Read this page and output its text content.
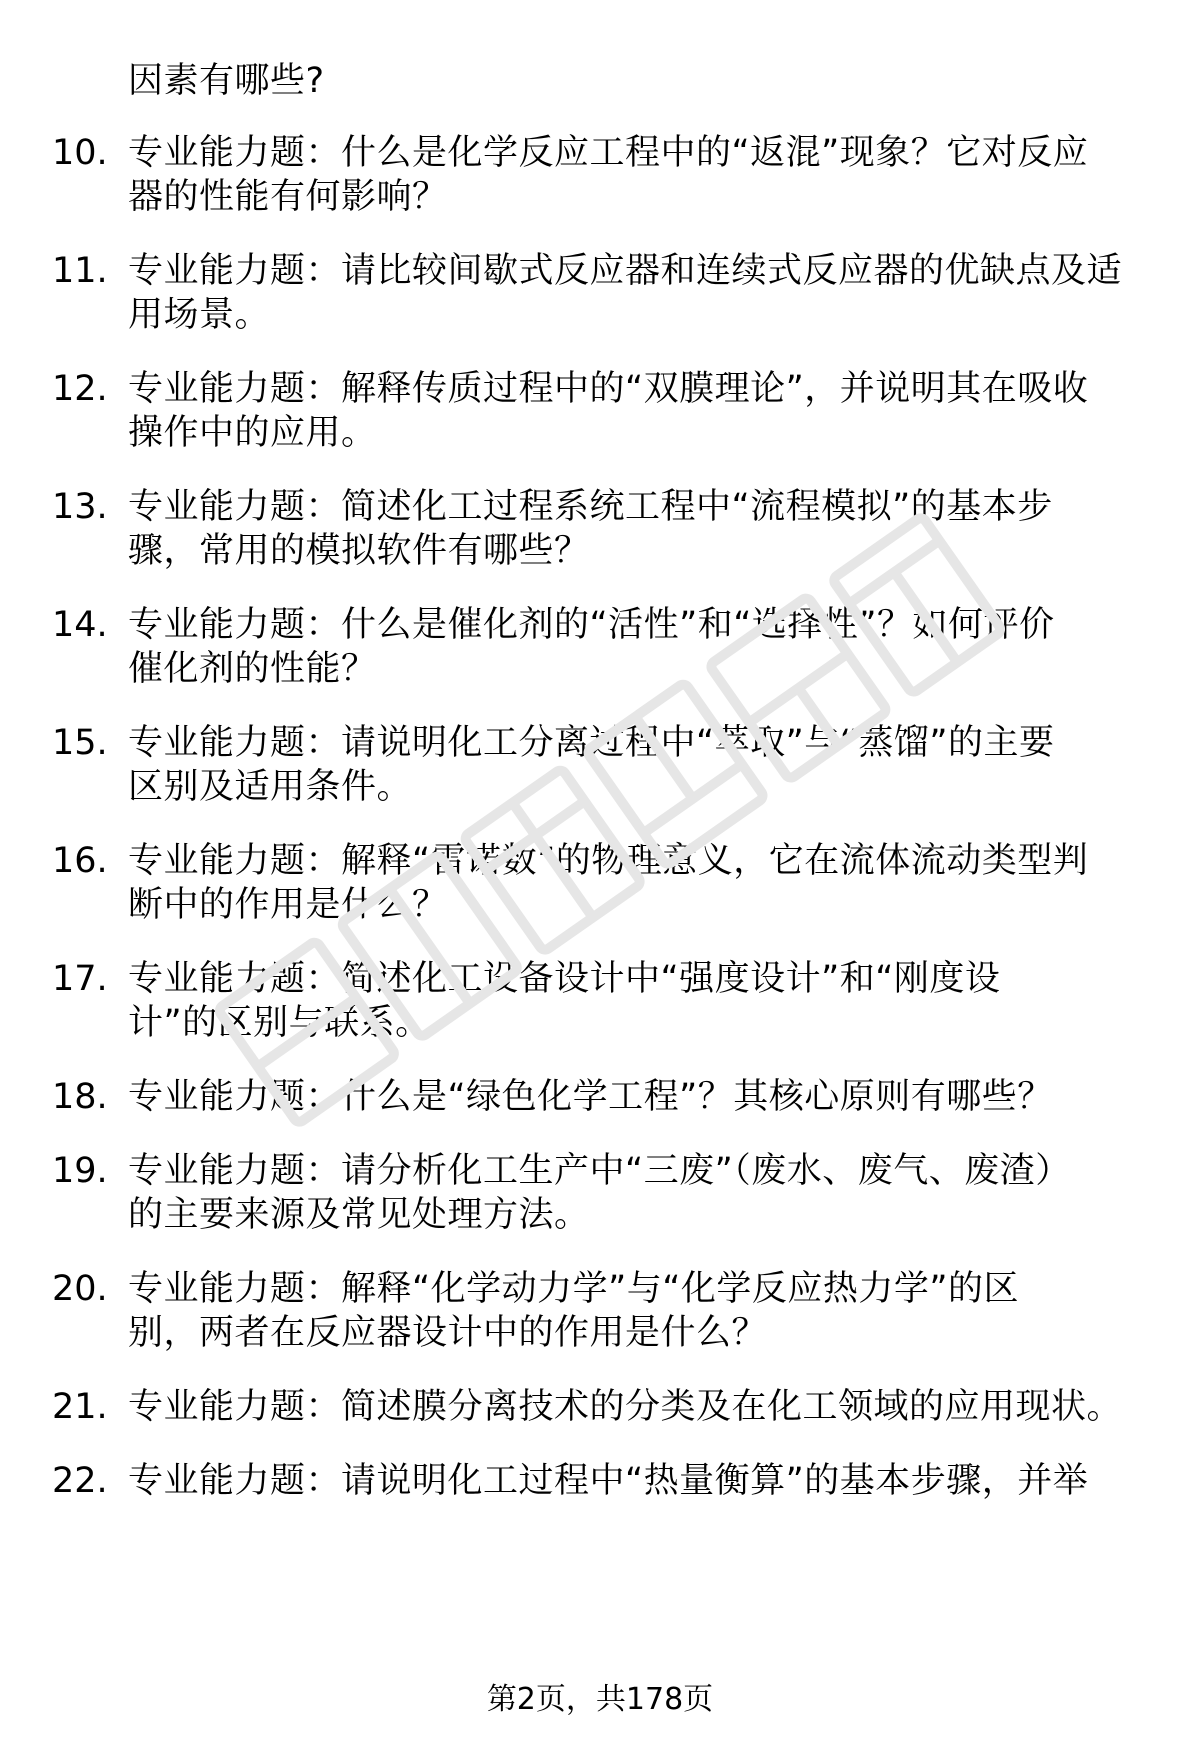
因素有哪些?
10. 专业能力题：什么是化学反应工程中的“返混”现象？它对反应
器的性能有何影响？
11. 专业能力题：请比较间歇式反应器和连续式反应器的优缺点及适
用场景。
12. 专业能力题：解释传质过程中的“双膜理论”，并说明其在吸收
操作中的应用。
13. 专业能力题：简述化工过程系统工程中“流程模拟”的基本步
骤，常用的模拟软件有哪些？
14. 专业能力题：什么是催化剂的“活性”和“选择性”？如何评价
催化剂的性能？
15. 专业能力题：请说明化工分离过程中“萃取”与“蒸馏”的主要
区别及适用条件。
16. 专业能力题：解释“雷诺数”的物理意义，它在流体流动类型判
断中的作用是什么？
17. 专业能力题：简述化工设备设计中“强度设计”和“刚度设
计”的区别与联系。
18. 专业能力题：什么是“绿色化学工程”？其核心原则有哪些？
19. 专业能力题：请分析化工生产中“三废”（废水、废气、废渣）
的主要来源及常见处理方法。
20. 专业能力题：解释“化学动力学”与“化学反应热力学”的区
别，两者在反应器设计中的作用是什么？
21. 专业能力题：简述膜分离技术的分类及在化工领域的应用现状。
22. 专业能力题：请说明化工过程中“热量衡算”的基本步骤，并举
第2页，共178页
